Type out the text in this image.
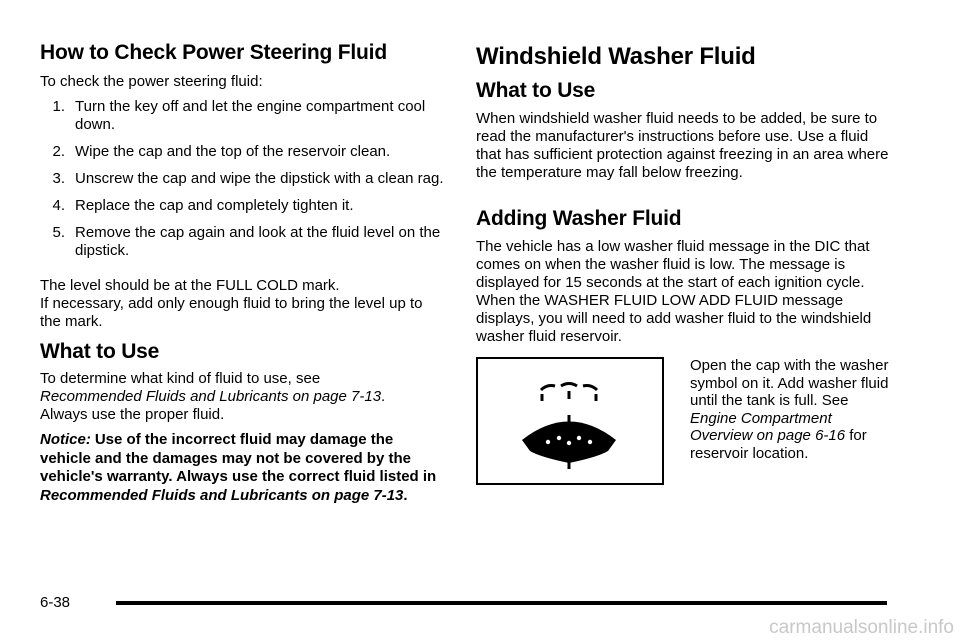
How to Check Power Steering Fluid

To check the power steering fluid:

1. Turn the key off and let the engine compartment cool down.
2. Wipe the cap and the top of the reservoir clean.
3. Unscrew the cap and wipe the dipstick with a clean rag.
4. Replace the cap and completely tighten it.
5. Remove the cap again and look at the fluid level on the dipstick.

The level should be at the FULL COLD mark.
If necessary, add only enough fluid to bring the level up to the mark.

What to Use

To determine what kind of fluid to use, see
Recommended Fluids and Lubricants on page 7-13.
Always use the proper fluid.

Notice: Use of the incorrect fluid may damage the vehicle and the damages may not be covered by the vehicle's warranty. Always use the correct fluid listed in Recommended Fluids and Lubricants on page 7-13.

Windshield Washer Fluid
What to Use

When windshield washer fluid needs to be added, be sure to read the manufacturer's instructions before use. Use a fluid that has sufficient protection against freezing in an area where the temperature may fall below freezing.

Adding Washer Fluid

The vehicle has a low washer fluid message in the DIC that comes on when the washer fluid is low. The message is displayed for 15 seconds at the start of each ignition cycle. When the WASHER FLUID LOW ADD FLUID message displays, you will need to add washer fluid to the windshield washer fluid reservoir.

Open the cap with the washer symbol on it. Add washer fluid until the tank is full. See Engine Compartment Overview on page 6-16 for reservoir location.

6-38
carmanualsonline.info
